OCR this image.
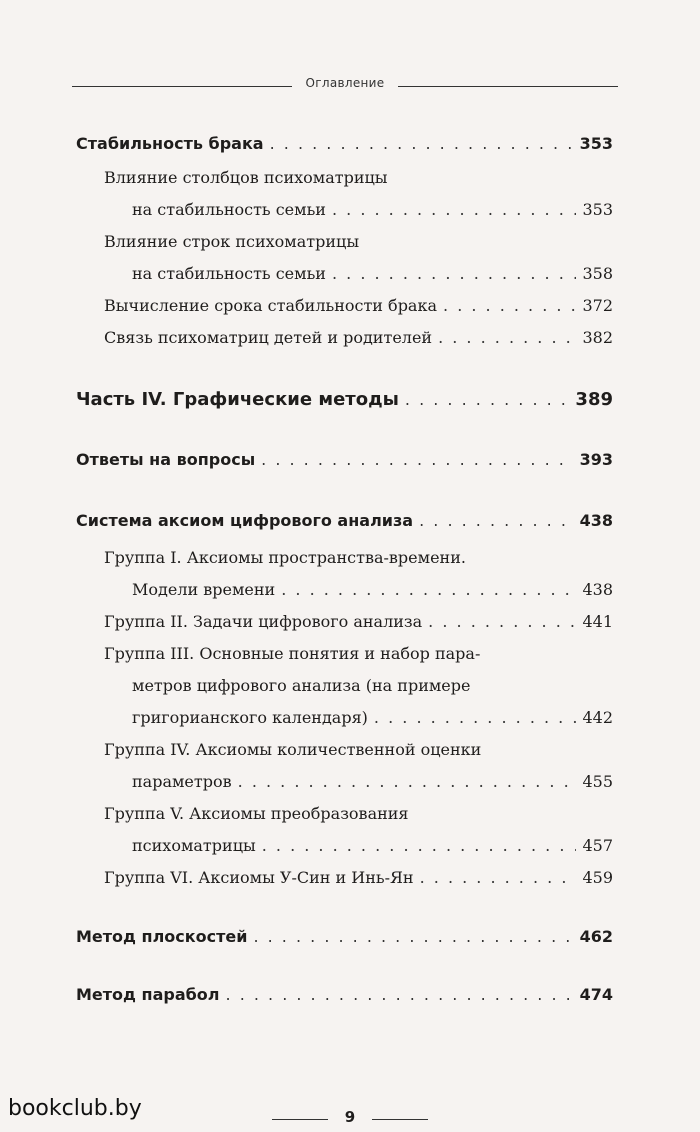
Оглавление
Стабильность брака . . .	353
Влияние столбцов психоматрицы
на стабильность семьи . . .	353
Влияние строк психоматрицы
на стабильность семьи . . .	358
Вычисление срока стабильности брака . . .	372
Связь психоматриц детей и родителей . . .	382
Часть IV. Графические методы . . .	389
Ответы на вопросы . . .	393
Система аксиом цифрового анализа . . .	438
Группа I. Аксиомы пространства-времени.
Модели времени . . .	438
Группа II. Задачи цифрового анализа . . .	441
Группа III. Основные понятия и набор пара-
метров цифрового анализа (на примере
григорианского календаря) . . .	442
Группа IV. Аксиомы количественной оценки
параметров . . .	455
Группа V. Аксиомы преобразования
психоматрицы . . .	457
Группа VI. Аксиомы У-Син и Инь-Ян . . .	459
Метод плоскостей . . .	462
Метод парабол . . .	474
bookclub.by	9
